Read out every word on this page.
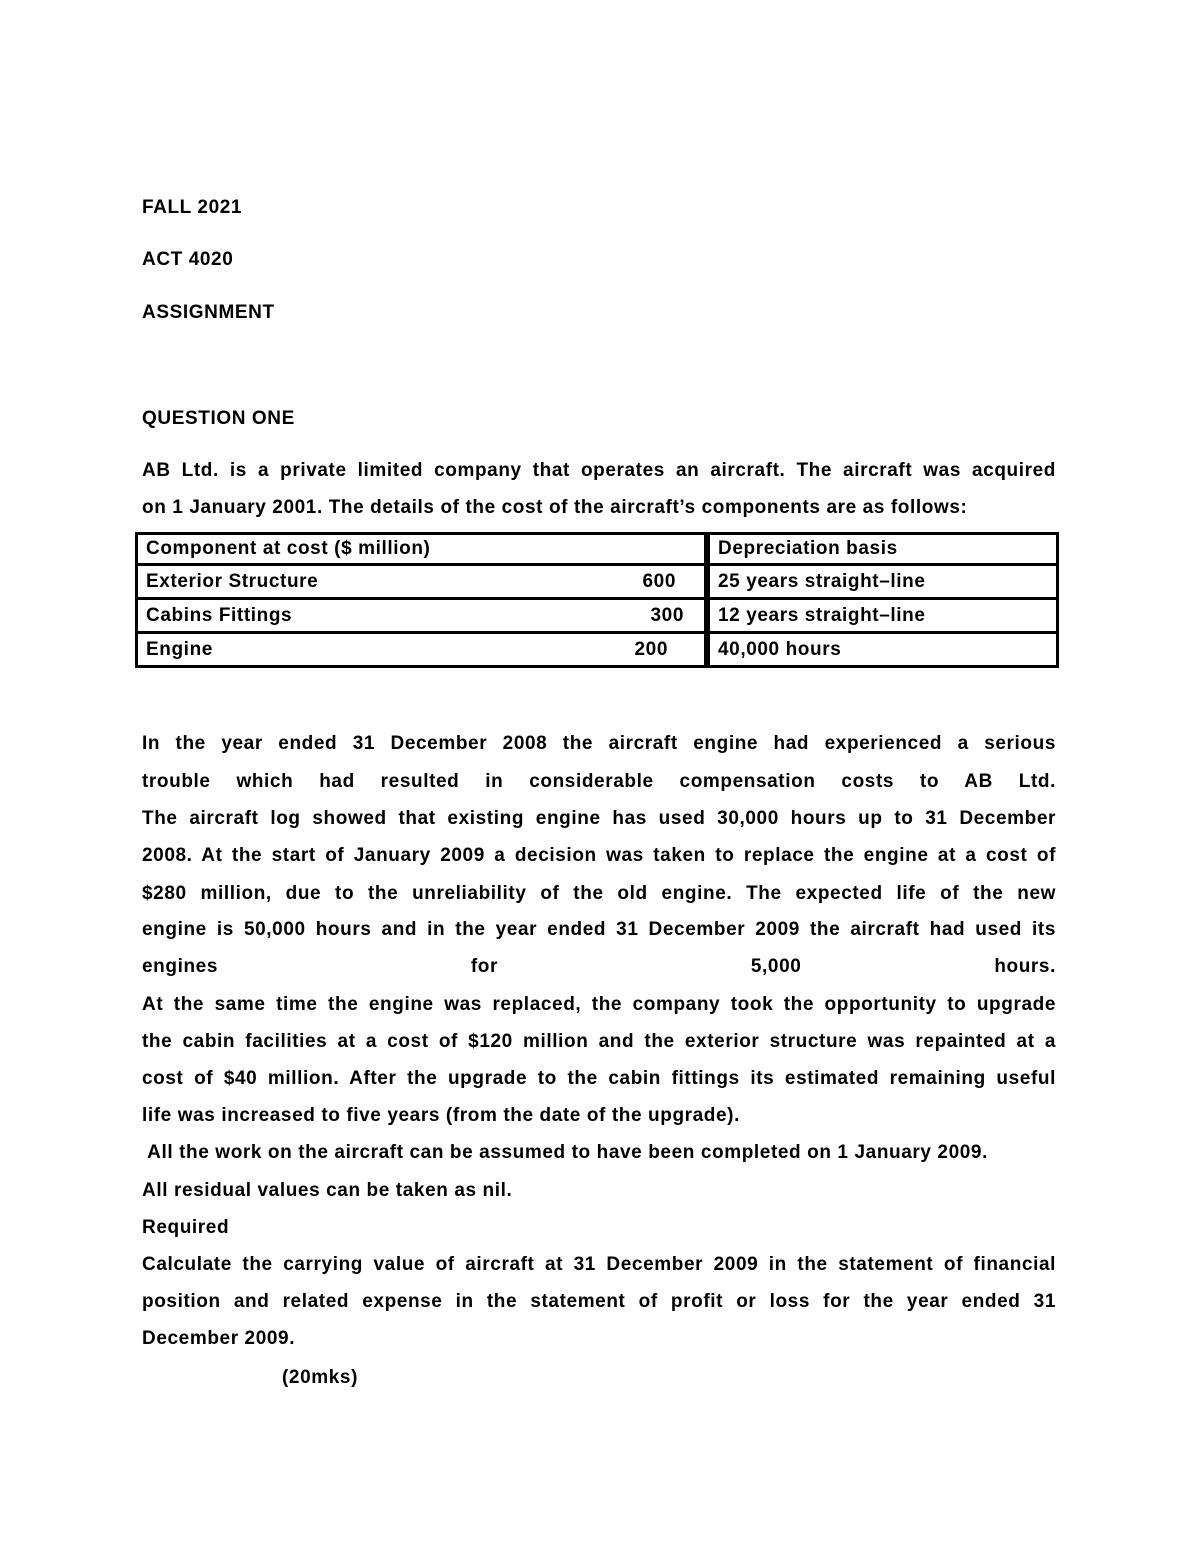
FALL 2021
ACT 4020
ASSIGNMENT
QUESTION ONE
AB Ltd. is a private limited company that operates an aircraft. The aircraft was acquired
on 1 January 2001. The details of the cost of the aircraft’s components are as follows:
Component at cost ($ million)	Depreciation basis

Exterior Structure 600	25 years straight–line

Cabins Fittings 300	12 years straight–line

Engine 200	40,000 hours
In the year ended 31 December 2008 the aircraft engine had experienced a serious
trouble which had resulted in considerable compensation costs to AB Ltd.
The aircraft log showed that existing engine has used 30,000 hours up to 31 December
2008. At the start of January 2009 a decision was taken to replace the engine at a cost of
$280 million, due to the unreliability of the old engine. The expected life of the new
engine is 50,000 hours and in the year ended 31 December 2009 the aircraft had used its
engines	for	5,000	hours.
At the same time the engine was replaced, the company took the opportunity to upgrade
the cabin facilities at a cost of $120 million and the exterior structure was repainted at a
cost of $40 million. After the upgrade to the cabin fittings its estimated remaining useful
life was increased to five years (from the date of the upgrade).
All the work on the aircraft can be assumed to have been completed on 1 January 2009.
All residual values can be taken as nil.
Required
Calculate the carrying value of aircraft at 31 December 2009 in the statement of financial
position and related expense in the statement of profit or loss for the year ended 31
December 2009.
(20mks)
